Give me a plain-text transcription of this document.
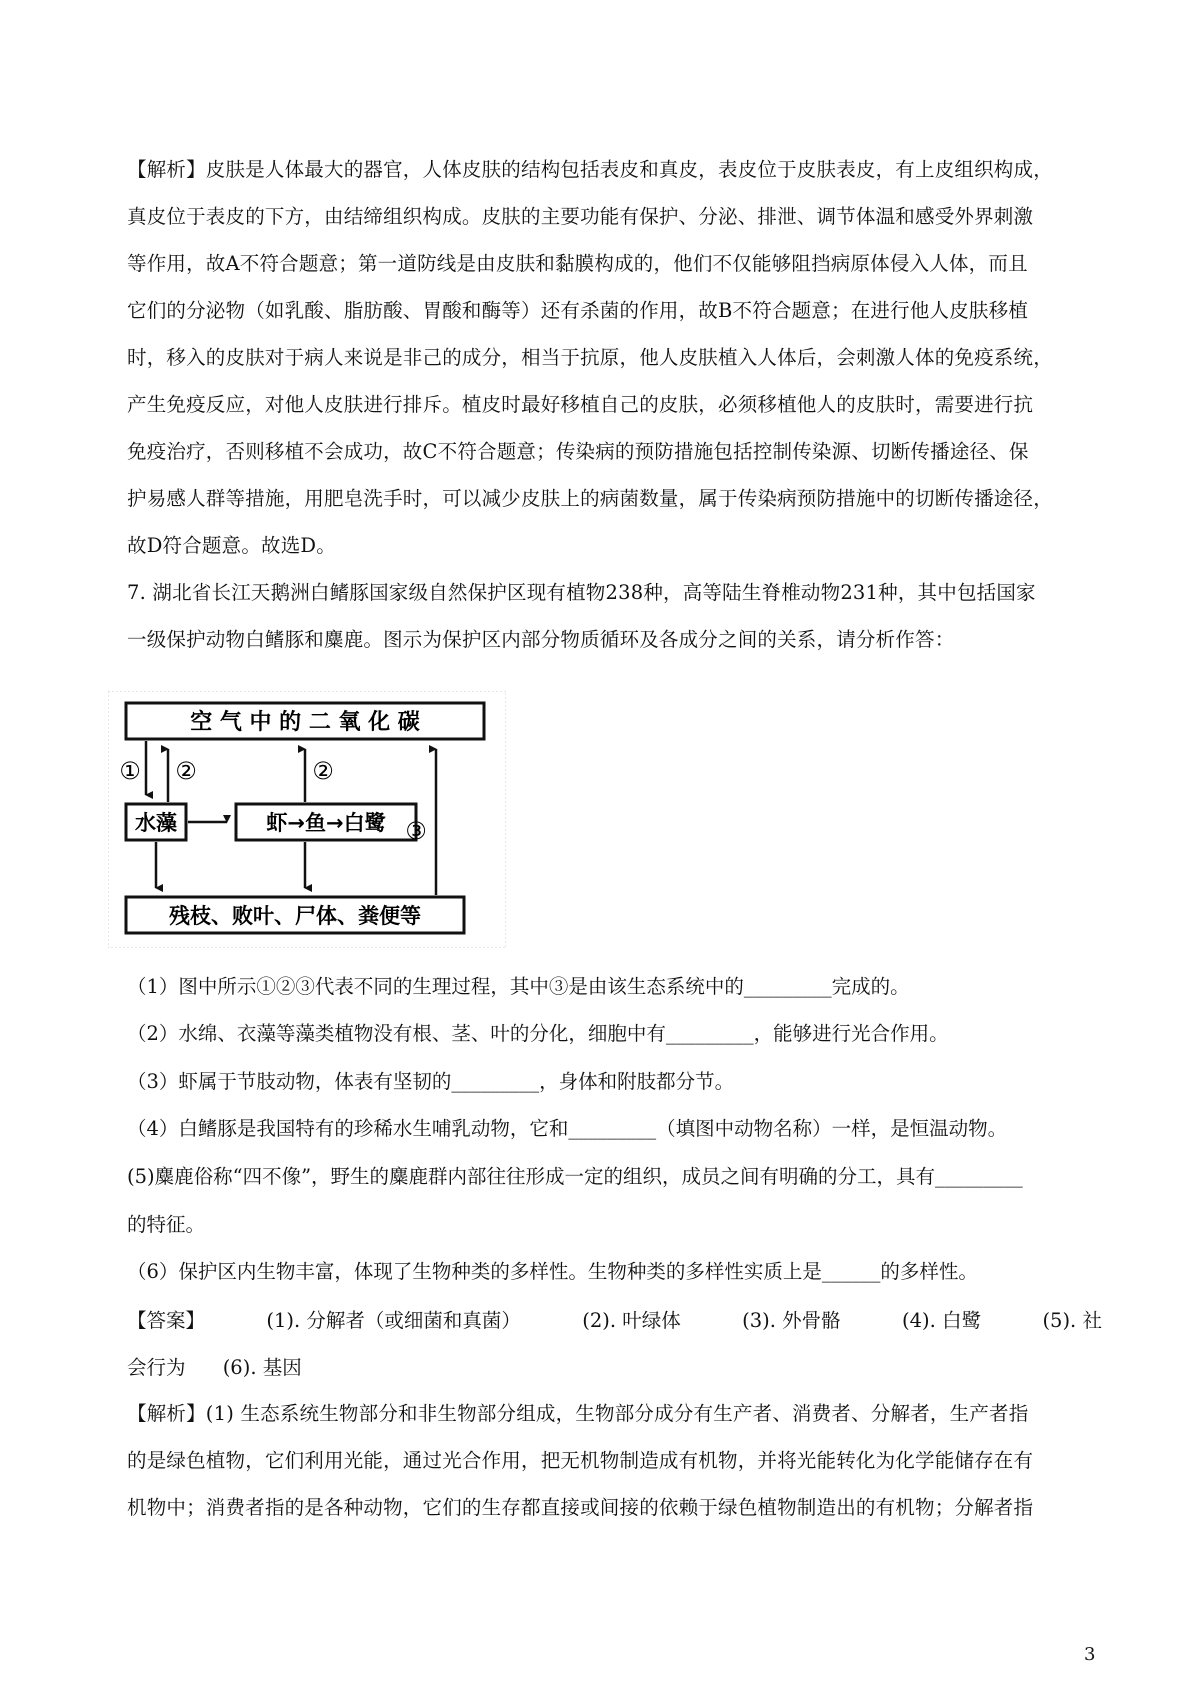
【解析】皮肤是人体最大的器官，人体皮肤的结构包括表皮和真皮，表皮位于皮肤表皮，有上皮组织构成，
真皮位于表皮的下方，由结缔组织构成。皮肤的主要功能有保护、分泌、排泄、调节体温和感受外界刺激
等作用，故A不符合题意；第一道防线是由皮肤和黏膜构成的，他们不仅能够阻挡病原体侵入人体，而且
它们的分泌物（如乳酸、脂肪酸、胃酸和酶等）还有杀菌的作用，故B不符合题意；在进行他人皮肤移植
时，移入的皮肤对于病人来说是非己的成分，相当于抗原，他人皮肤植入人体后，会刺激人体的免疫系统，
产生免疫反应，对他人皮肤进行排斥。植皮时最好移植自己的皮肤，必须移植他人的皮肤时，需要进行抗
免疫治疗，否则移植不会成功，故C不符合题意；传染病的预防措施包括控制传染源、切断传播途径、保
护易感人群等措施，用肥皂洗手时，可以减少皮肤上的病菌数量，属于传染病预防措施中的切断传播途径，
故D符合题意。故选D。
7. 湖北省长江天鹅洲白鳍豚国家级自然保护区现有植物238种，高等陆生脊椎动物231种，其中包括国家
一级保护动物白鳍豚和麋鹿。图示为保护区内部分物质循环及各成分之间的关系，请分析作答：
空 气 中 的 二 氧 化 碳
水藻	虾→鱼→白鹭
残枝、败叶、尸体、粪便等
① ②	②
③
（1）图中所示①②③代表不同的生理过程，其中③是由该生态系统中的_________完成的。
（2）水绵、衣藻等藻类植物没有根、茎、叶的分化，细胞中有_________，能够进行光合作用。
（3）虾属于节肢动物，体表有坚韧的_________，身体和附肢都分节。
（4）白鳍豚是我国特有的珍稀水生哺乳动物，它和_________（填图中动物名称）一样，是恒温动物。
(5)麋鹿俗称“四不像”，野生的麋鹿群内部往往形成一定的组织，成员之间有明确的分工，具有_________
的特征。
（6）保护区内生物丰富，体现了生物种类的多样性。生物种类的多样性实质上是______的多样性。
【答案】	(1). 分解者（或细菌和真菌）	(2). 叶绿体	(3). 外骨骼	(4). 白鹭	(5). 社
会行为      (6). 基因
【解析】(1) 生态系统生物部分和非生物部分组成，生物部分成分有生产者、消费者、分解者，生产者指
的是绿色植物，它们利用光能，通过光合作用，把无机物制造成有机物，并将光能转化为化学能储存在有
机物中；消费者指的是各种动物，它们的生存都直接或间接的依赖于绿色植物制造出的有机物；分解者指
3
